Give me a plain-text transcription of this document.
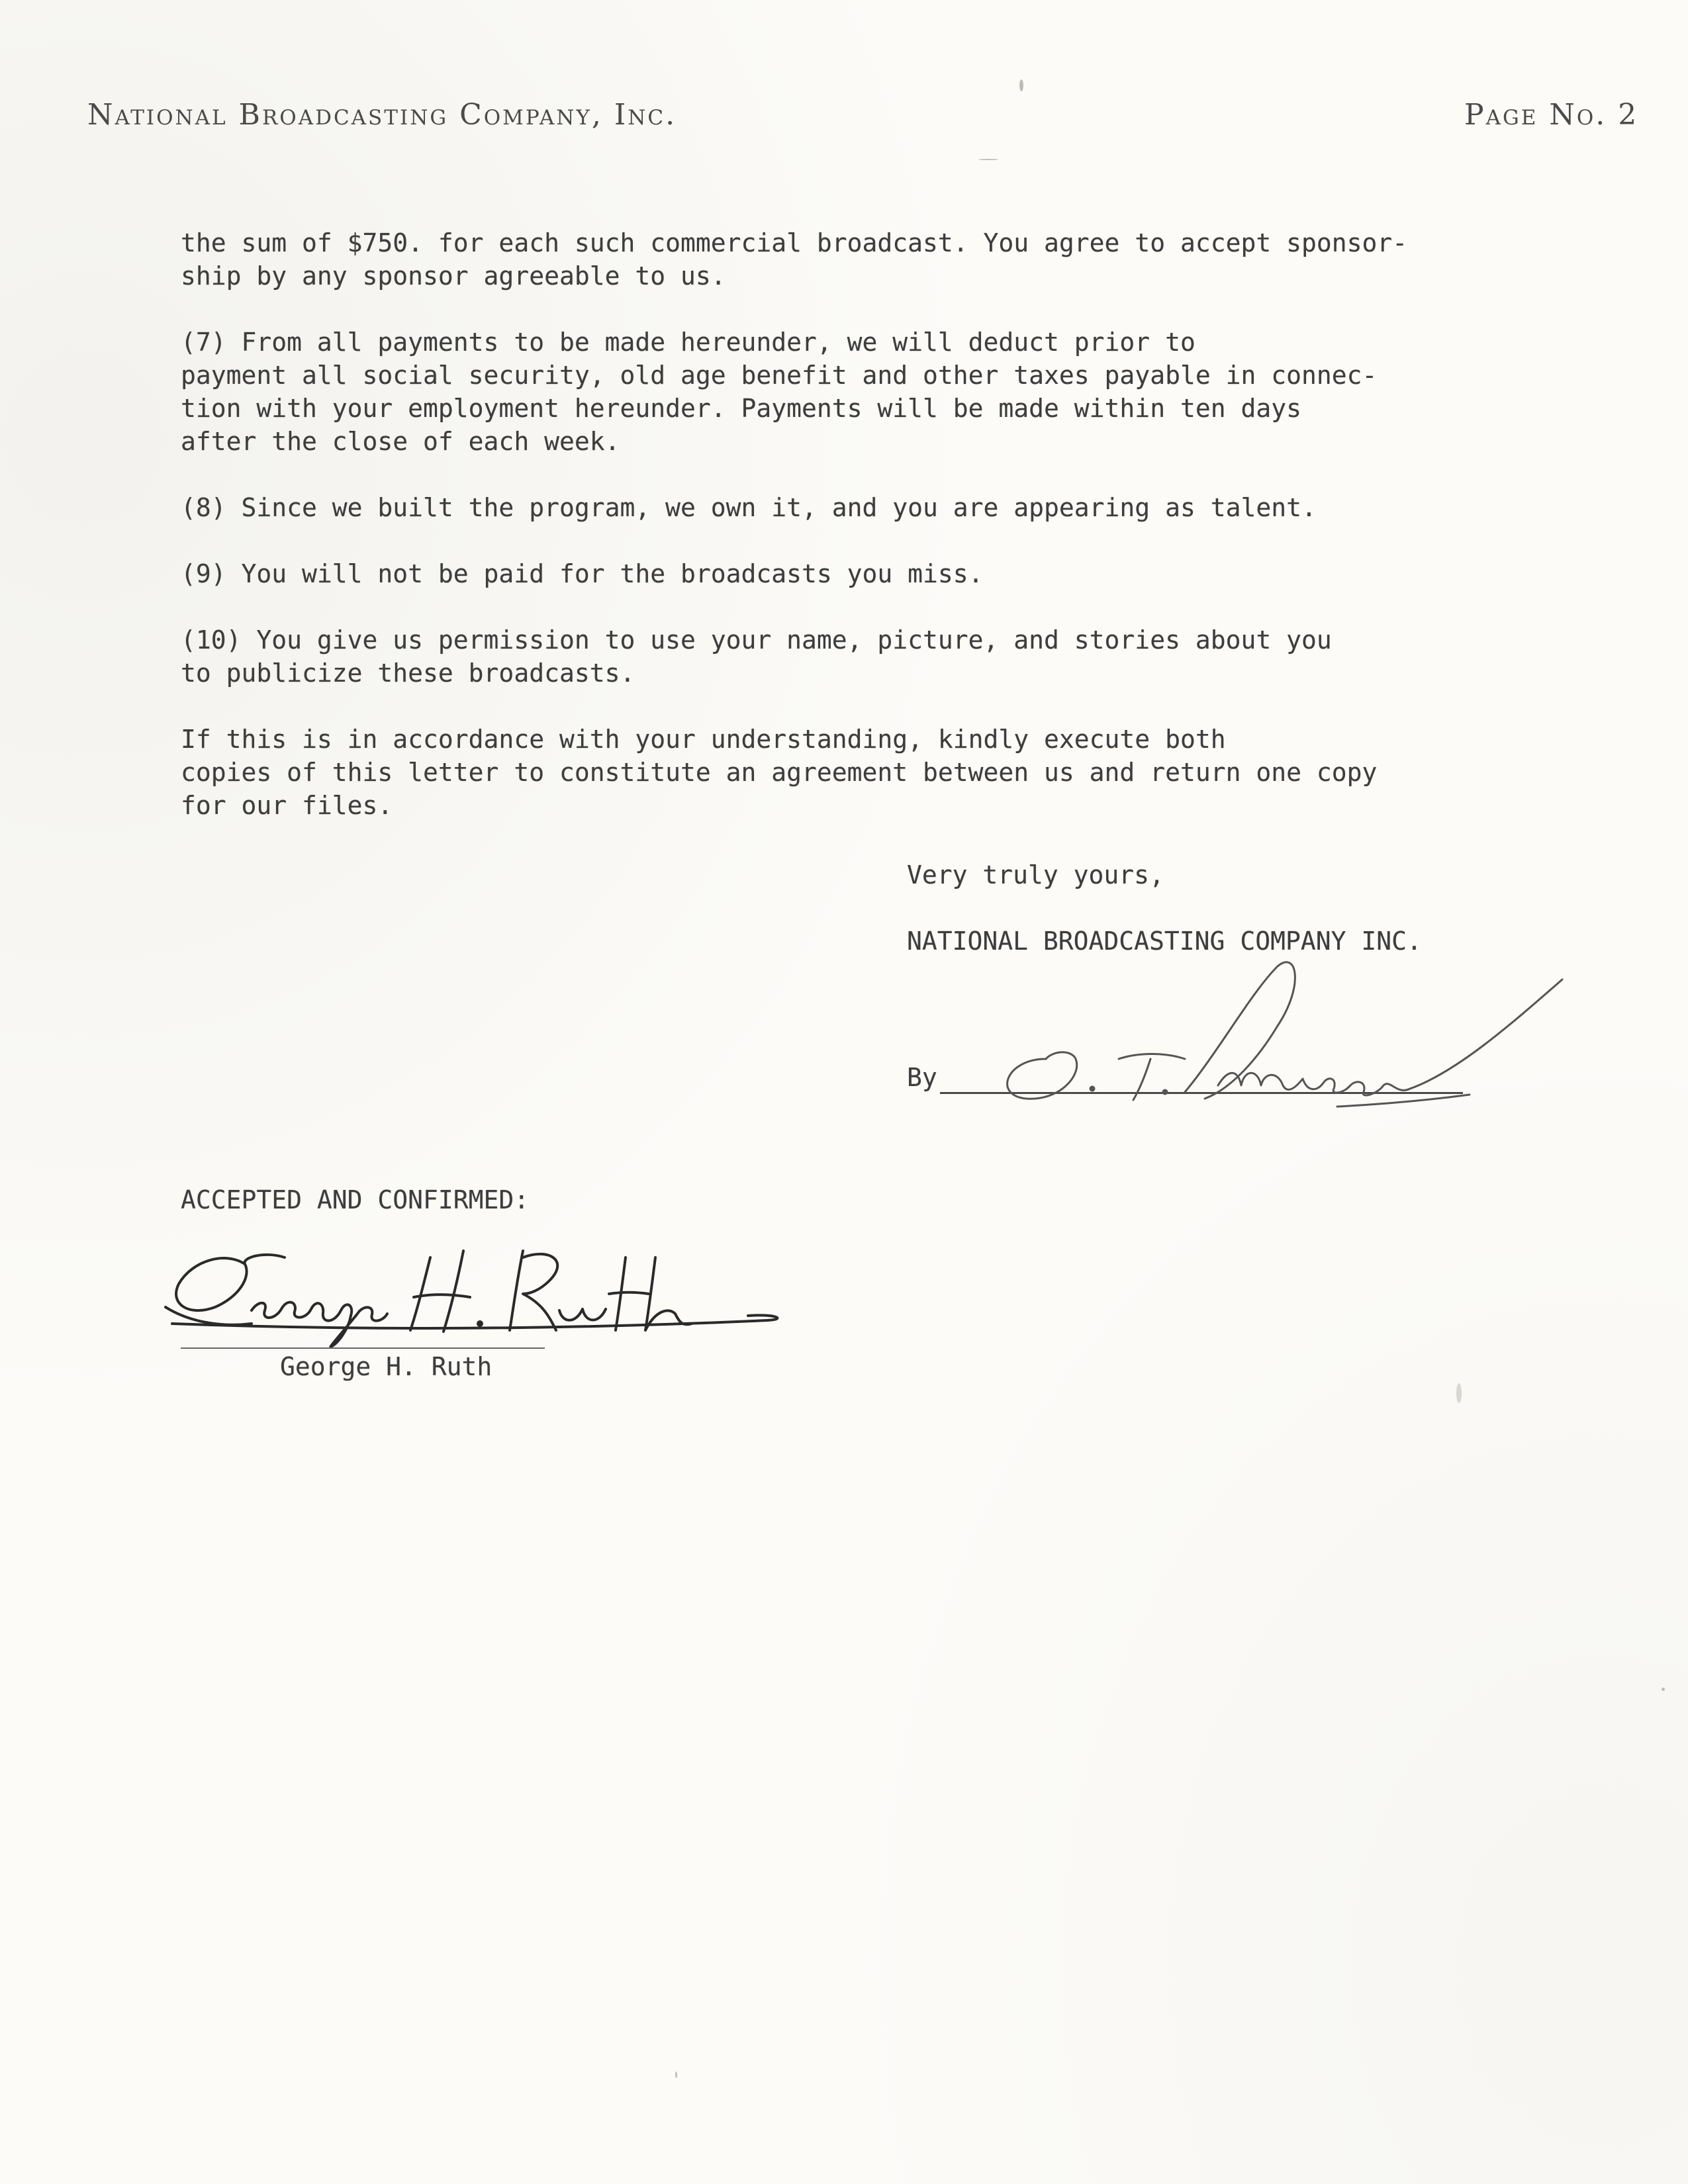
National Broadcasting Company, Inc.	Page No. 2
the sum of $750. for each such commercial broadcast. You agree to accept sponsor-
ship by any sponsor agreeable to us.
(7) From all payments to be made hereunder, we will deduct prior to
payment all social security, old age benefit and other taxes payable in connec-
tion with your employment hereunder. Payments will be made within ten days
after the close of each week.
(8) Since we built the program, we own it, and you are appearing as talent.
(9) You will not be paid for the broadcasts you miss.
(10) You give us permission to use your name, picture, and stories about you
to publicize these broadcasts.
If this is in accordance with your understanding, kindly execute both
copies of this letter to constitute an agreement between us and return one copy
for our files.
Very truly yours,
NATIONAL BROADCASTING COMPANY INC.
By
ACCEPTED AND CONFIRMED:
George H. Ruth
